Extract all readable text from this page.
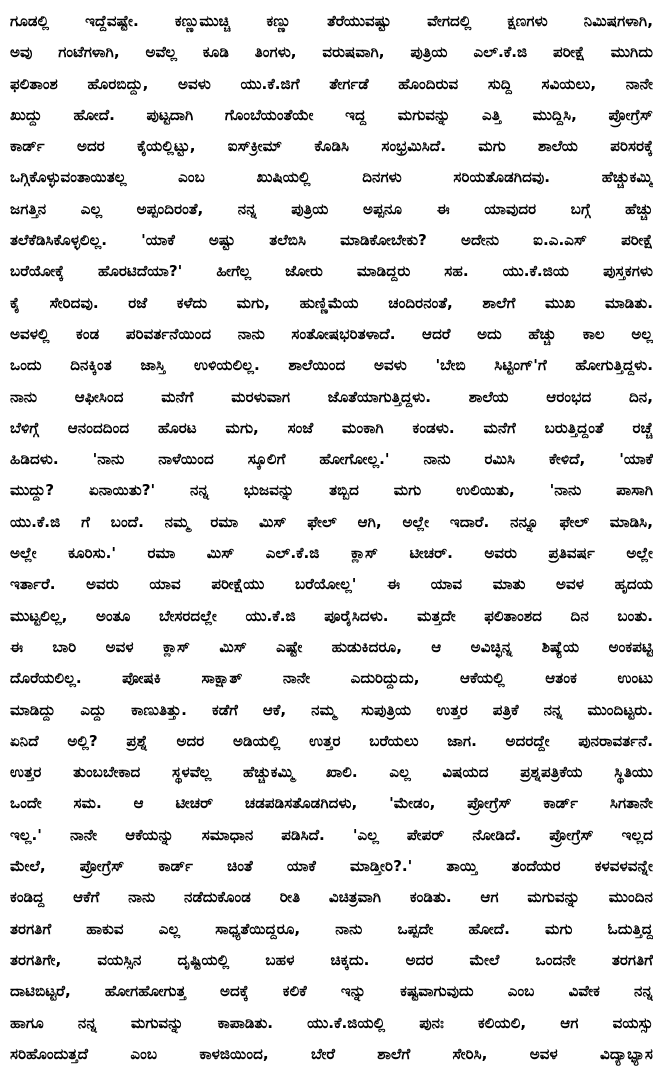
ಗೂಡಲ್ಲಿ ಇದ್ದೆವಷ್ಟೇ. ಕಣ್ಣುಮುಚ್ಚಿ ಕಣ್ಣು ತೆರೆಯುವಷ್ಟು ವೇಗದಲ್ಲಿ ಕ್ಷಣಗಳು ನಿಮಿಷಗಳಾಗಿ,
ಅವು ಗಂಟೆಗಳಾಗಿ, ಅವೆಲ್ಲ ಕೂಡಿ ತಿಂಗಳು, ವರುಷವಾಗಿ, ಪುತ್ರಿಯ ಎಲ್.ಕೆ.ಜಿ ಪರೀಕ್ಷೆ ಮುಗಿದು
ಫಲಿತಾಂಶ ಹೊರಬಿದ್ದು, ಅವಳು ಯು.ಕೆ.ಜಿಗೆ ತೇರ್ಗಡೆ ಹೊಂದಿರುವ ಸುದ್ದಿ ಸವಿಯಲು, ನಾನೇ
ಖುದ್ದು ಹೋದೆ. ಪುಟ್ಟದಾಗಿ ಗೊಂಬೆಯಂತೆಯೇ ಇದ್ದ ಮಗುವನ್ನು ಎತ್ತಿ ಮುದ್ದಿಸಿ, ಪ್ರೋಗ್ರೆಸ್
ಕಾರ್ಡ್ ಅದರ ಕೈಯಲ್ಲಿಟ್ಟು, ಐಸ್‌ಕ್ರೀಮ್ ಕೊಡಿಸಿ ಸಂಭ್ರಮಿಸಿದೆ. ಮಗು ಶಾಲೆಯ ಪರಿಸರಕ್ಕೆ
ಒಗ್ಗಿಕೊಳ್ಳುವಂತಾಯಿತಲ್ಲ ಎಂಬ ಖುಷಿಯಲ್ಲಿ ದಿನಗಳು ಸರಿಯತೊಡಗಿದವು. ಹೆಚ್ಚುಕಮ್ಮಿ
ಜಗತ್ತಿನ ಎಲ್ಲ ಅಪ್ಪಂದಿರಂತೆ, ನನ್ನ ಪುತ್ರಿಯ ಅಪ್ಪನೂ ಈ ಯಾವುದರ ಬಗ್ಗೆ ಹೆಚ್ಚು
ತಲೆಕೆಡಿಸಿಕೊಳ್ಳಲಿಲ್ಲ. 'ಯಾಕೆ ಅಷ್ಟು ತಲೆಬಿಸಿ ಮಾಡಿಕೋಬೇಕು? ಅದೇನು ಐ.ಎ.ಎಸ್ ಪರೀಕ್ಷೆ
ಬರೆಯೋಕ್ಕೆ ಹೊರಟಿದೆಯಾ?' ಹೀಗೆಲ್ಲ ಜೋರು ಮಾಡಿದ್ದರು ಸಹ. ಯು.ಕೆ.ಜಿಯ ಪುಸ್ತಕಗಳು
ಕೈ ಸೇರಿದವು. ರಜೆ ಕಳೆದು ಮಗು, ಹುಣ್ಣಿಮೆಯ ಚಂದಿರನಂತೆ, ಶಾಲೆಗೆ ಮುಖ ಮಾಡಿತು.
ಅವಳಲ್ಲಿ ಕಂಡ ಪರಿವರ್ತನೆಯಿಂದ ನಾನು ಸಂತೋಷಭರಿತಳಾದೆ. ಆದರೆ ಅದು ಹೆಚ್ಚು ಕಾಲ ಅಲ್ಲ
ಒಂದು ದಿನಕ್ಕಿಂತ ಜಾಸ್ತಿ ಉಳಿಯಲಿಲ್ಲ. ಶಾಲೆಯಿಂದ ಅವಳು 'ಬೇಬಿ ಸಿಟ್ಟಿಂಗ್'ಗೆ ಹೋಗುತ್ತಿದ್ದಳು.
ನಾನು ಆಫೀಸಿಂದ ಮನೆಗೆ ಮರಳುವಾಗ ಜೊತೆಯಾಗುತ್ತಿದ್ದಳು. ಶಾಲೆಯ ಆರಂಭದ ದಿನ,
ಬೆಳಿಗ್ಗೆ ಆನಂದದಿಂದ ಹೊರಟ ಮಗು, ಸಂಜೆ ಮಂಕಾಗಿ ಕಂಡಳು. ಮನೆಗೆ ಬರುತ್ತಿದ್ದಂತೆ ರಚ್ಚೆ
ಹಿಡಿದಳು. 'ನಾನು ನಾಳೆಯಿಂದ ಸ್ಕೂಲಿಗೆ ಹೋಗೋಲ್ಲ.' ನಾನು ರಮಿಸಿ ಕೇಳಿದೆ, 'ಯಾಕೆ
ಮುದ್ದು? ಏನಾಯಿತು?' ನನ್ನ ಭುಜವನ್ನು ತಬ್ಬಿದ ಮಗು ಉಲಿಯಿತು, 'ನಾನು ಪಾಸಾಗಿ
ಯು.ಕೆ.ಜಿ ಗೆ ಬಂದೆ. ನಮ್ಮ ರಮಾ ಮಿಸ್ ಫೇಲ್ ಆಗಿ, ಅಲ್ಲೇ ಇದಾರೆ. ನನ್ನೂ ಫೇಲ್ ಮಾಡಿಸಿ,
ಅಲ್ಲೇ ಕೂರಿಸು.' ರಮಾ ಮಿಸ್ ಎಲ್.ಕೆ.ಜಿ ಕ್ಲಾಸ್ ಟೀಚರ್. ಅವರು ಪ್ರತಿವರ್ಷ ಅಲ್ಲೇ
ಇರ್ತಾರೆ. ಅವರು ಯಾವ ಪರೀಕ್ಷೆಯು ಬರೆಯೋಲ್ಲ' ಈ ಯಾವ ಮಾತು ಅವಳ ಹೃದಯ
ಮುಟ್ಟಲಿಲ್ಲ, ಅಂತೂ ಬೇಸರದಲ್ಲೇ ಯು.ಕೆ.ಜಿ ಪೂರೈಸಿದಳು. ಮತ್ತದೇ ಫಲಿತಾಂಶದ ದಿನ ಬಂತು.
ಈ ಬಾರಿ ಅವಳ ಕ್ಲಾಸ್ ಮಿಸ್ ಎಷ್ಟೇ ಹುಡುಕಿದರೂ, ಆ ಅವಿಚ್ಛಿನ್ನ ಶಿಷ್ಯೆಯ ಅಂಕಪಟ್ಟಿ
ದೊರೆಯಲಿಲ್ಲ. ಪೋಷಕಿ ಸಾಕ್ಷಾತ್ ನಾನೇ ಎದುರಿದ್ದುದು, ಆಕೆಯಲ್ಲಿ ಆತಂಕ ಉಂಟು
ಮಾಡಿದ್ದು ಎದ್ದು ಕಾಣುತಿತ್ತು. ಕಡೆಗೆ ಆಕೆ, ನಮ್ಮ ಸುಪುತ್ರಿಯ ಉತ್ತರ ಪತ್ರಿಕೆ ನನ್ನ ಮುಂದಿಟ್ಟರು.
ಏನಿದೆ ಅಲ್ಲಿ? ಪ್ರಶ್ನೆ ಅದರ ಅಡಿಯಲ್ಲಿ ಉತ್ತರ ಬರೆಯಲು ಜಾಗ. ಅದರದ್ದೇ ಪುನರಾವರ್ತನೆ.
ಉತ್ತರ ತುಂಬಬೇಕಾದ ಸ್ಥಳವೆಲ್ಲ ಹೆಚ್ಚುಕಮ್ಮಿ ಖಾಲಿ. ಎಲ್ಲ ವಿಷಯದ ಪ್ರಶ್ನಪತ್ರಿಕೆಯ ಸ್ಥಿತಿಯು
ಒಂದೇ ಸಮ. ಆ ಟೀಚರ್ ಚಡಪಡಿಸತೊಡಗಿದಳು, 'ಮೇಡಂ, ಪ್ರೋಗ್ರೆಸ್ ಕಾರ್ಡ್ ಸಿಗತಾನೇ
ಇಲ್ಲ.' ನಾನೇ ಆಕೆಯನ್ನು ಸಮಾಧಾನ ಪಡಿಸಿದೆ. 'ಎಲ್ಲ ಪೇಪರ್ ನೋಡಿದೆ. ಪ್ರೋಗ್ರೆಸ್ ಇಲ್ಲದ
ಮೇಲೆ, ಪ್ರೋಗ್ರೆಸ್ ಕಾರ್ಡ್ ಚಿಂತೆ ಯಾಕೆ ಮಾಡ್ತೀರಿ?.' ತಾಯ್ತಿ ತಂದೆಯರ ಕಳವಳವನ್ನೇ
ಕಂಡಿದ್ದ ಆಕೆಗೆ ನಾನು ನಡೆದುಕೊಂಡ ರೀತಿ ವಿಚಿತ್ರವಾಗಿ ಕಂಡಿತು. ಆಗ ಮಗುವನ್ನು ಮುಂದಿನ
ತರಗತಿಗೆ ಹಾಕುವ ಎಲ್ಲ ಸಾಧ್ಯತೆಯಿದ್ದರೂ, ನಾನು ಒಪ್ಪದೇ ಹೋದೆ. ಮಗು ಓದುತ್ತಿದ್ದ
ತರಗತಿಗೇ, ವಯಸ್ಸಿನ ದೃಷ್ಟಿಯಲ್ಲಿ ಬಹಳ ಚಿಕ್ಕದು. ಅದರ ಮೇಲೆ ಒಂದನೇ ತರಗತಿಗೆ
ದಾಟಿಬಿಟ್ಟರೆ, ಹೋಗಹೋಗುತ್ತ ಅದಕ್ಕೆ ಕಲಿಕೆ ಇನ್ನು ಕಷ್ಟವಾಗುವುದು ಎಂಬ ವಿವೇಕ ನನ್ನ
ಹಾಗೂ ನನ್ನ ಮಗುವನ್ನು ಕಾಪಾಡಿತು. ಯು.ಕೆ.ಜಿಯಲ್ಲಿ ಪುನಃ ಕಲಿಯಲಿ, ಆಗ ವಯಸ್ಸು
ಸರಿಹೊಂದುತ್ತದೆ ಎಂಬ ಕಾಳಜಿಯಿಂದ, ಬೇರೆ ಶಾಲೆಗೆ ಸೇರಿಸಿ, ಅವಳ ವಿದ್ಯಾಭ್ಯಾಸ
